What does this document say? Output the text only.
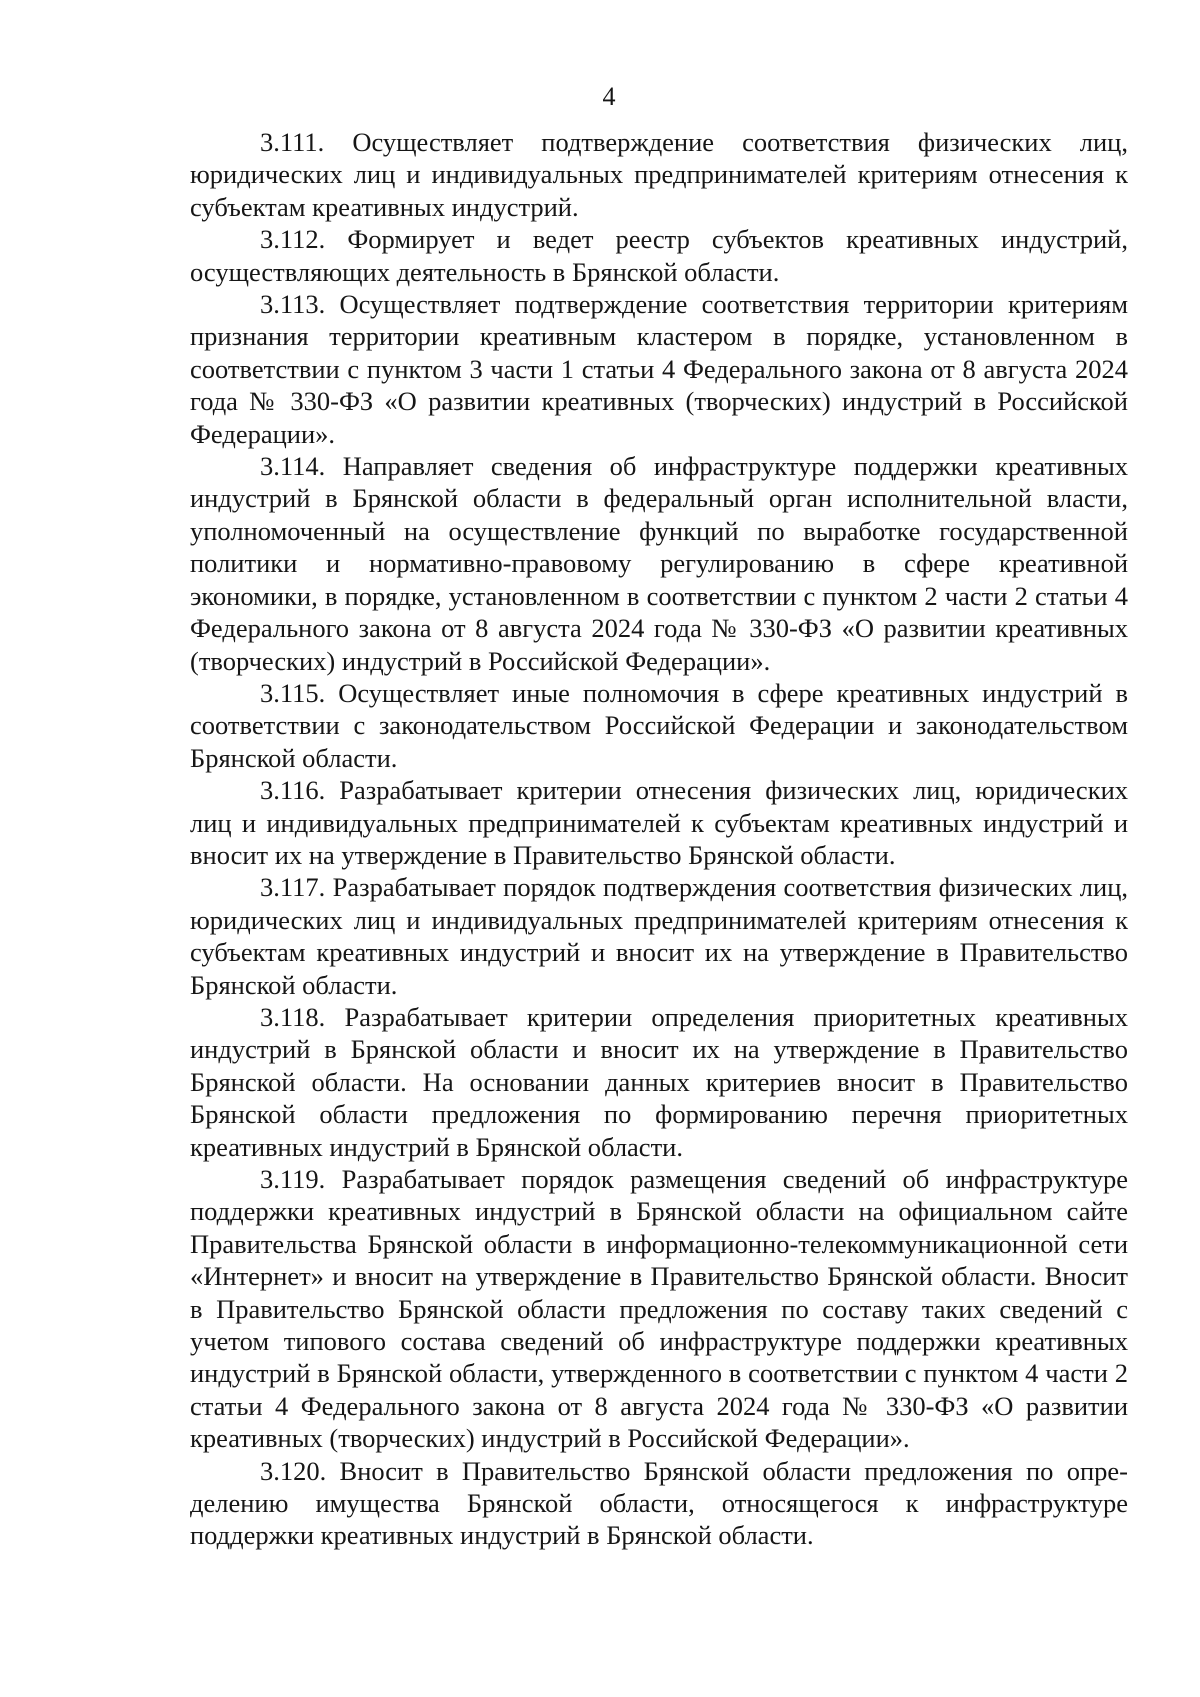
4

3.111. Осуществляет подтверждение соответствия физических лиц, юридических лиц и индивидуальных предпринимателей критериям отнесения к субъектам креативных индустрий.

3.112. Формирует и ведет реестр субъектов креативных индустрий, осуществляющих деятельность в Брянской области.

3.113. Осуществляет подтверждение соответствия территории критериям признания территории креативным кластером в порядке, установленном в соответствии с пунктом 3 части 1 статьи 4 Федерального закона от 8 августа 2024 года № 330-ФЗ «О развитии креативных (творческих) индустрий в Российской Федерации».

3.114. Направляет сведения об инфраструктуре поддержки креативных индустрий в Брянской области в федеральный орган исполнительной власти, уполномоченный на осуществление функций по выработке государственной политики и нормативно-правовому регулированию в сфере креативной экономики, в порядке, установленном в соответствии с пунктом 2 части 2 статьи 4 Федерального закона от 8 августа 2024 года № 330-ФЗ «О развитии креативных (творческих) индустрий в Российской Федерации».

3.115. Осуществляет иные полномочия в сфере креативных индустрий в соответствии с законодательством Российской Федерации и законодательством Брянской области.

3.116. Разрабатывает критерии отнесения физических лиц, юридических лиц и индивидуальных предпринимателей к субъектам креативных индустрий и вносит их на утверждение в Правительство Брянской области.

3.117. Разрабатывает порядок подтверждения соответствия физических лиц, юридических лиц и индивидуальных предпринимателей критериям отнесения к субъектам креативных индустрий и вносит их на утверждение в Правительство Брянской области.

3.118. Разрабатывает критерии определения приоритетных креативных индустрий в Брянской области и вносит их на утверждение в Правительство Брянской области. На основании данных критериев вносит в Правительство Брянской области предложения по формированию перечня приоритетных креативных индустрий в Брянской области.

3.119. Разрабатывает порядок размещения сведений об инфраструктуре поддержки креативных индустрий в Брянской области на официальном сайте Правительства Брянской области в информационно-телекоммуникационной сети «Интернет» и вносит на утверждение в Правительство Брянской области. Вносит в Правительство Брянской области предложения по составу таких сведений с учетом типового состава сведений об инфраструктуре поддержки креативных индустрий в Брянской области, утвержденного в соответствии с пунктом 4 части 2 статьи 4 Федерального закона от 8 августа 2024 года № 330-ФЗ «О развитии креативных (творческих) индустрий в Российской Федерации».

3.120. Вносит в Правительство Брянской области предложения по определению имущества Брянской области, относящегося к инфраструктуре поддержки креативных индустрий в Брянской области.
